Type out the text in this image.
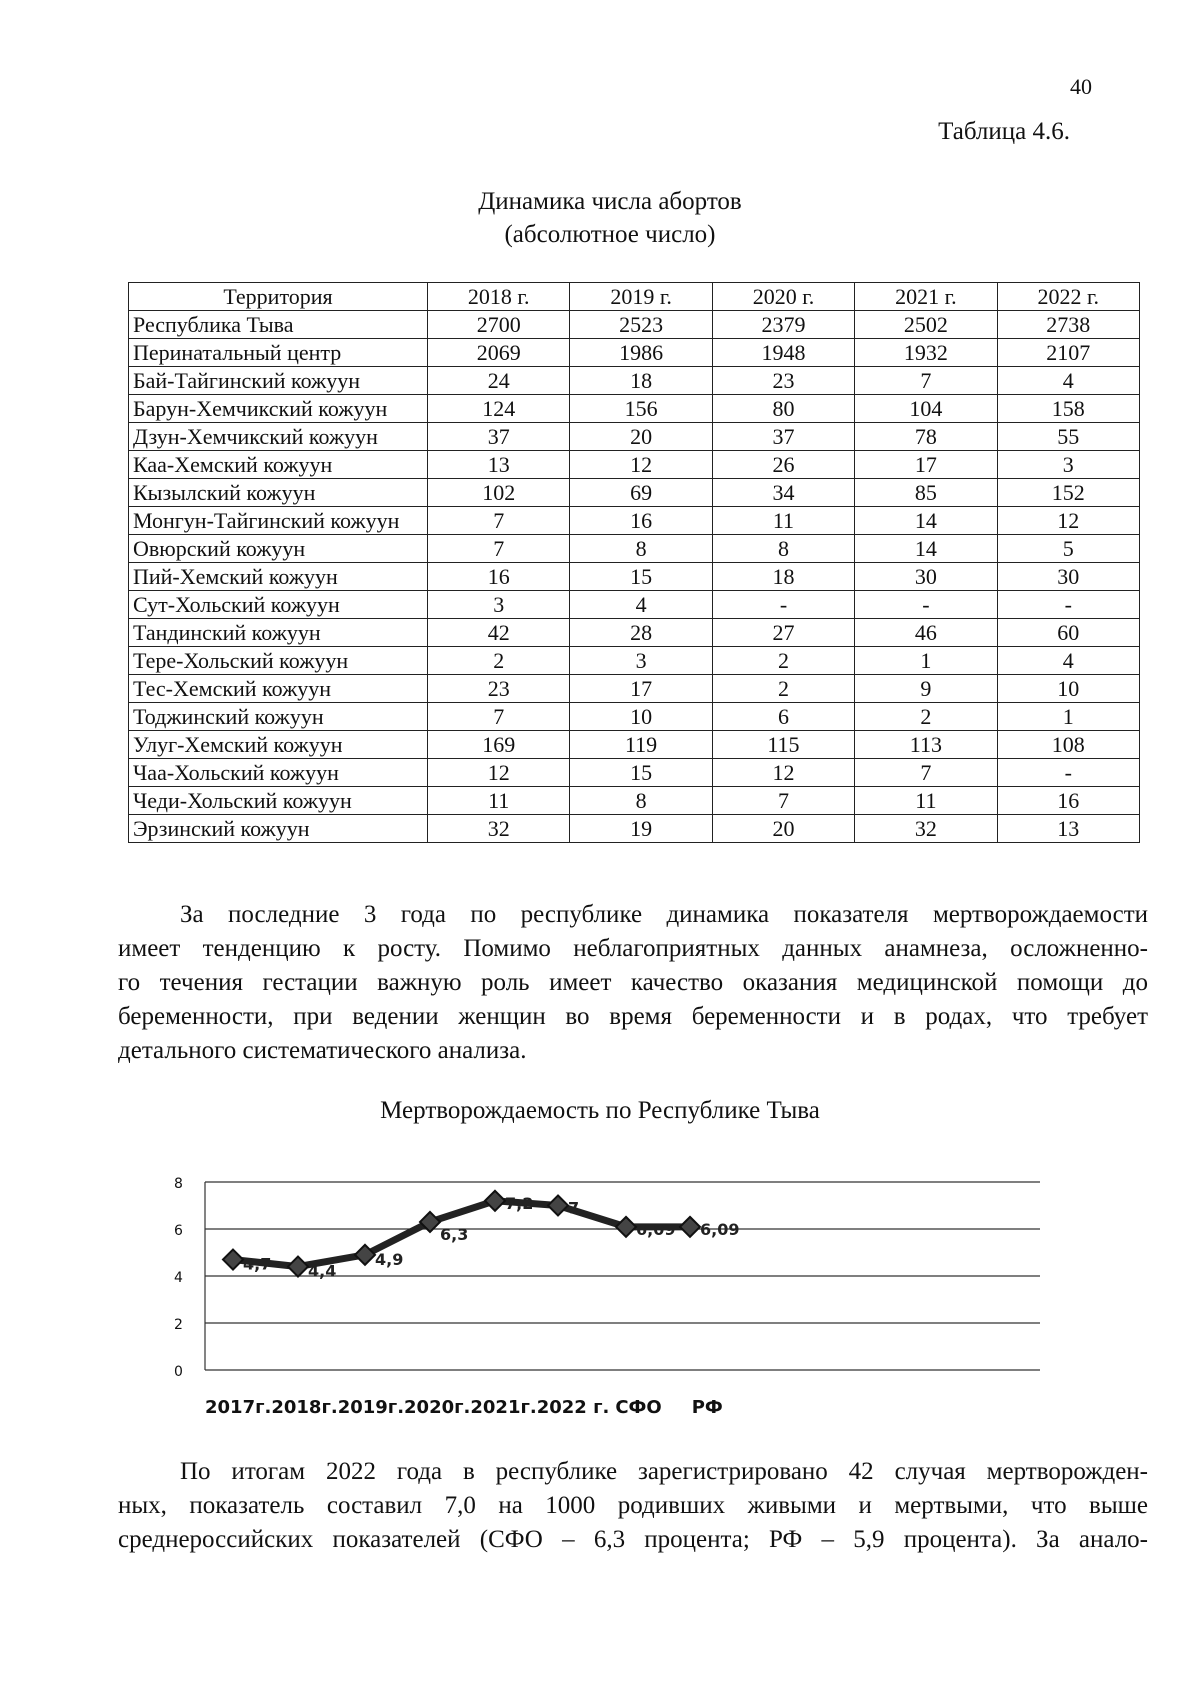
40
Таблица 4.6.
Динамика числа абортов
(абсолютное число)
Территория	2018 г.	2019 г.	2020 г.	2021 г.	2022 г.
Республика Тыва	2700	2523	2379	2502	2738
Перинатальный центр	2069	1986	1948	1932	2107
Бай-Тайгинский кожуун	24	18	23	7	4
Барун-Хемчикский кожуун	124	156	80	104	158
Дзун-Хемчикский кожуун	37	20	37	78	55
Каа-Хемский кожуун	13	12	26	17	3
Кызылский кожуун	102	69	34	85	152
Монгун-Тайгинский кожуун	7	16	11	14	12
Овюрский кожуун	7	8	8	14	5
Пий-Хемский кожуун	16	15	18	30	30
Сут-Хольский кожуун	3	4	-	-	-
Тандинский кожуун	42	28	27	46	60
Тере-Хольский кожуун	2	3	2	1	4
Тес-Хемский кожуун	23	17	2	9	10
Тоджинский кожуун	7	10	6	2	1
Улуг-Хемский кожуун	169	119	115	113	108
Чаа-Хольский кожуун	12	15	12	7	-
Чеди-Хольский кожуун	11	8	7	11	16
Эрзинский кожуун	32	19	20	32	13
За последние 3 года по республике динамика показателя мертворождаемости
имеет тенденцию к росту. Помимо неблагоприятных данных анамнеза, осложненно-
го течения гестации важную роль имеет качество оказания медицинской помощи до
беременности, при ведении женщин во время беременности и в родах, что требует
детального систематического анализа.
Мертворождаемость по Республике Тыва
0
2
4
6
8
4,7 4,4
4,9
6,3
7,2 7
6,09 6,09
2017г.2018г.2019г.2020г.2021г.2022 г. СФО РФ
По итогам 2022 года в республике зарегистрировано 42 случая мертворожден-
ных, показатель составил 7,0 на 1000 родивших живыми и мертвыми, что выше
среднероссийских показателей (СФО – 6,3 процента; РФ – 5,9 процента). За анало-
